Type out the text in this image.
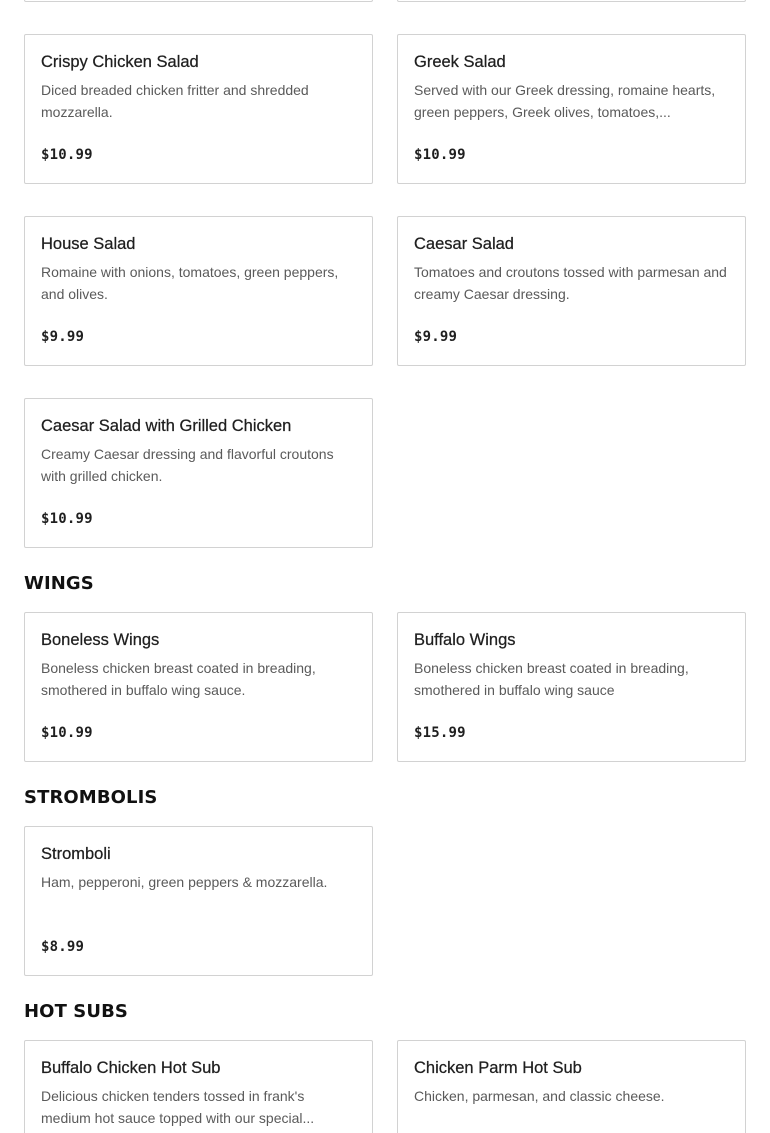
Crispy Chicken Salad
Diced breaded chicken fritter and shredded mozzarella.
$10.99
Greek Salad
Served with our Greek dressing, romaine hearts, green peppers, Greek olives, tomatoes,...
$10.99
House Salad
Romaine with onions, tomatoes, green peppers, and olives.
$9.99
Caesar Salad
Tomatoes and croutons tossed with parmesan and creamy Caesar dressing.
$9.99
Caesar Salad with Grilled Chicken
Creamy Caesar dressing and flavorful croutons with grilled chicken.
$10.99
WINGS
Boneless Wings
Boneless chicken breast coated in breading, smothered in buffalo wing sauce.
$10.99
Buffalo Wings
Boneless chicken breast coated in breading, smothered in buffalo wing sauce
$15.99
STROMBOLIS
Stromboli
Ham, pepperoni, green peppers & mozzarella.
$8.99
HOT SUBS
Buffalo Chicken Hot Sub
Delicious chicken tenders tossed in frank's medium hot sauce topped with our special...
Chicken Parm Hot Sub
Chicken, parmesan, and classic cheese.
